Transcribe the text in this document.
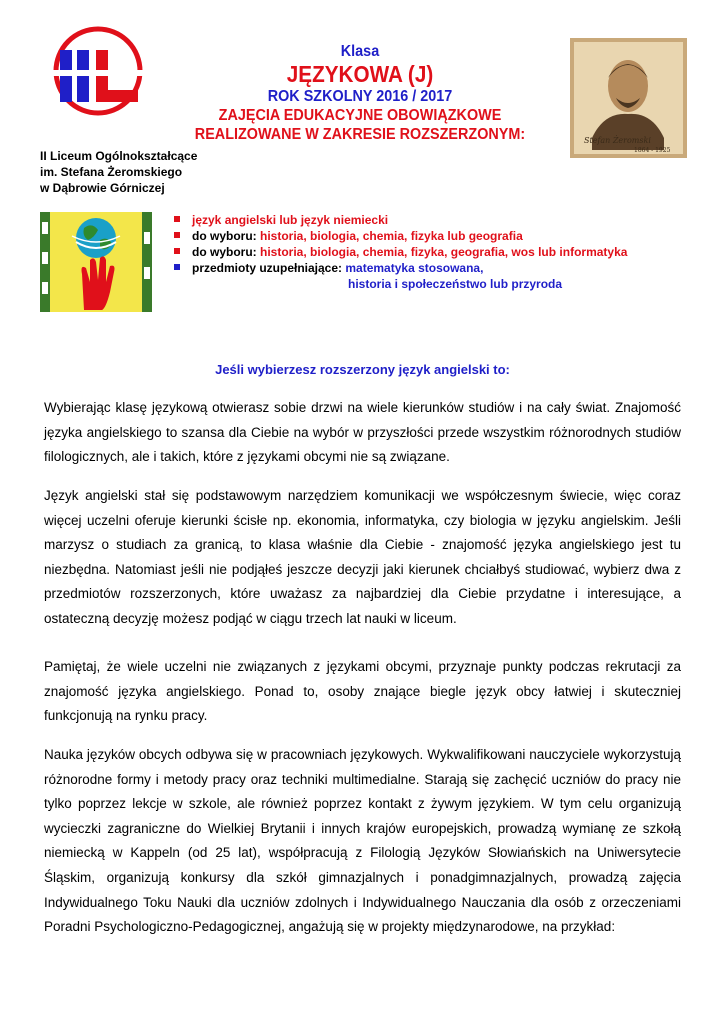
Klasa
JĘZYKOWA (J)
ROK SZKOLNY 2016 / 2017
ZAJĘCIA EDUKACYJNE OBOWIĄZKOWE
REALIZOWANE W ZAKRESIE ROZSZERZONYM:	Stefan Żeromski
1864 - 1925
II Liceum Ogólnokształcące
im. Stefana Żeromskiego
w Dąbrowie Górniczej
język angielski lub język niemiecki
do wyboru: historia, biologia, chemia, fizyka lub geografia
do wyboru: historia, biologia, chemia, fizyka, geografia, wos lub informatyka
przedmioty uzupełniające: matematyka stosowana,
historia i społeczeństwo lub przyroda
Jeśli wybierzesz rozszerzony język angielski to:

Wybierając klasę językową otwierasz sobie drzwi na wiele kierunków studiów i na cały świat. Znajomość języka angielskiego to szansa dla Ciebie na wybór w przyszłości przede wszystkim różnorodnych studiów filologicznych, ale i takich, które z językami obcymi nie są związane.

Język angielski stał się podstawowym narzędziem komunikacji we współczesnym świecie, więc coraz więcej uczelni oferuje kierunki ścisłe np. ekonomia, informatyka, czy biologia w języku angielskim. Jeśli marzysz o studiach za granicą, to klasa właśnie dla Ciebie - znajomość języka angielskiego jest tu niezbędna. Natomiast jeśli nie podjąłeś jeszcze decyzji jaki kierunek chciałbyś studiować, wybierz dwa z przedmiotów rozszerzonych, które uważasz za najbardziej dla Ciebie przydatne i interesujące, a ostateczną decyzję możesz podjąć w ciągu trzech lat nauki w liceum.

Pamiętaj, że wiele uczelni nie związanych z językami obcymi, przyznaje punkty podczas rekrutacji za znajomość języka angielskiego. Ponad to, osoby znające biegle język obcy łatwiej i skuteczniej funkcjonują na rynku pracy.

Nauka języków obcych odbywa się w pracowniach językowych. Wykwalifikowani nauczyciele wykorzystują różnorodne formy i metody pracy oraz techniki multimedialne. Starają się zachęcić uczniów do pracy nie tylko poprzez lekcje w szkole, ale również poprzez kontakt z żywym językiem. W tym celu organizują wycieczki zagraniczne do Wielkiej Brytanii i innych krajów europejskich, prowadzą wymianę ze szkołą niemiecką w Kappeln (od 25 lat), współpracują z Filologią Języków Słowiańskich na Uniwersytecie Śląskim, organizują konkursy dla szkół gimnazjalnych i ponadgimnazjalnych, prowadzą zajęcia Indywidualnego Toku Nauki dla uczniów zdolnych i Indywidualnego Nauczania dla osób z orzeczeniami Poradni Psychologiczno-Pedagogicznej, angażują się w projekty międzynarodowe, na przykład:
